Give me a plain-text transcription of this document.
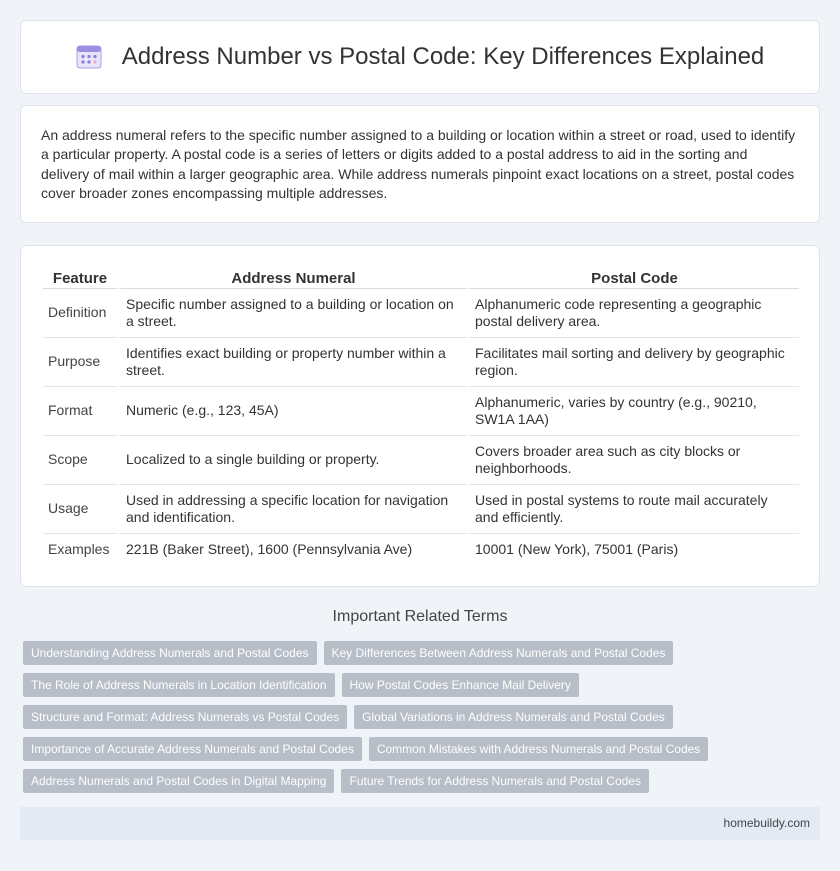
Address Number vs Postal Code: Key Differences Explained

An address numeral refers to the specific number assigned to a building or location within a street or road, used to identify a particular property. A postal code is a series of letters or digits added to a postal address to aid in the sorting and delivery of mail within a larger geographic area. While address numerals pinpoint exact locations on a street, postal codes cover broader zones encompassing multiple addresses.

Feature	Address Numeral	Postal Code
Definition	Specific number assigned to a building or location on a street.	Alphanumeric code representing a geographic postal delivery area.
Purpose	Identifies exact building or property number within a street.	Facilitates mail sorting and delivery by geographic region.
Format	Numeric (e.g., 123, 45A)	Alphanumeric, varies by country (e.g., 90210, SW1A 1AA)
Scope	Localized to a single building or property.	Covers broader area such as city blocks or neighborhoods.
Usage	Used in addressing a specific location for navigation and identification.	Used in postal systems to route mail accurately and efficiently.
Examples	221B (Baker Street), 1600 (Pennsylvania Ave)	10001 (New York), 75001 (Paris)
Important Related Terms
Understanding Address Numerals and Postal Codes	Key Differences Between Address Numerals and Postal Codes
The Role of Address Numerals in Location Identification	How Postal Codes Enhance Mail Delivery
Structure and Format: Address Numerals vs Postal Codes	Global Variations in Address Numerals and Postal Codes
Importance of Accurate Address Numerals and Postal Codes	Common Mistakes with Address Numerals and Postal Codes
Address Numerals and Postal Codes in Digital Mapping	Future Trends for Address Numerals and Postal Codes
homebuildy.com
